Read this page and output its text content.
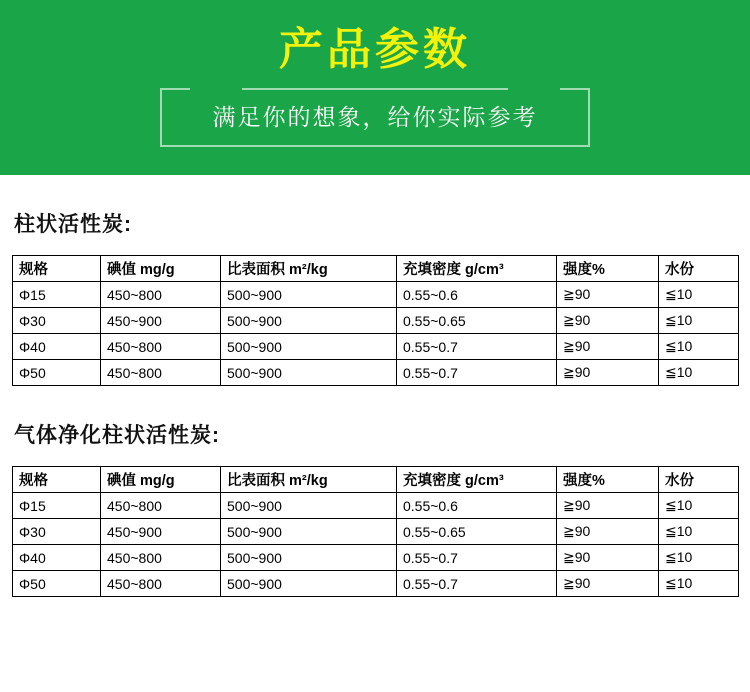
产品参数
满足你的想象，给你实际参考
柱状活性炭:
规格	碘值 mg/g	比表面积 m²/kg	充填密度 g/cm³	强度%	水份
Φ15	450~800	500~900	0.55~0.6	≧90	≦10
Φ30	450~900	500~900	0.55~0.65	≧90	≦10
Φ40	450~800	500~900	0.55~0.7	≧90	≦10
Φ50	450~800	500~900	0.55~0.7	≧90	≦10
气体净化柱状活性炭:
规格	碘值 mg/g	比表面积 m²/kg	充填密度 g/cm³	强度%	水份
Φ15	450~800	500~900	0.55~0.6	≧90	≦10
Φ30	450~900	500~900	0.55~0.65	≧90	≦10
Φ40	450~800	500~900	0.55~0.7	≧90	≦10
Φ50	450~800	500~900	0.55~0.7	≧90	≦10
